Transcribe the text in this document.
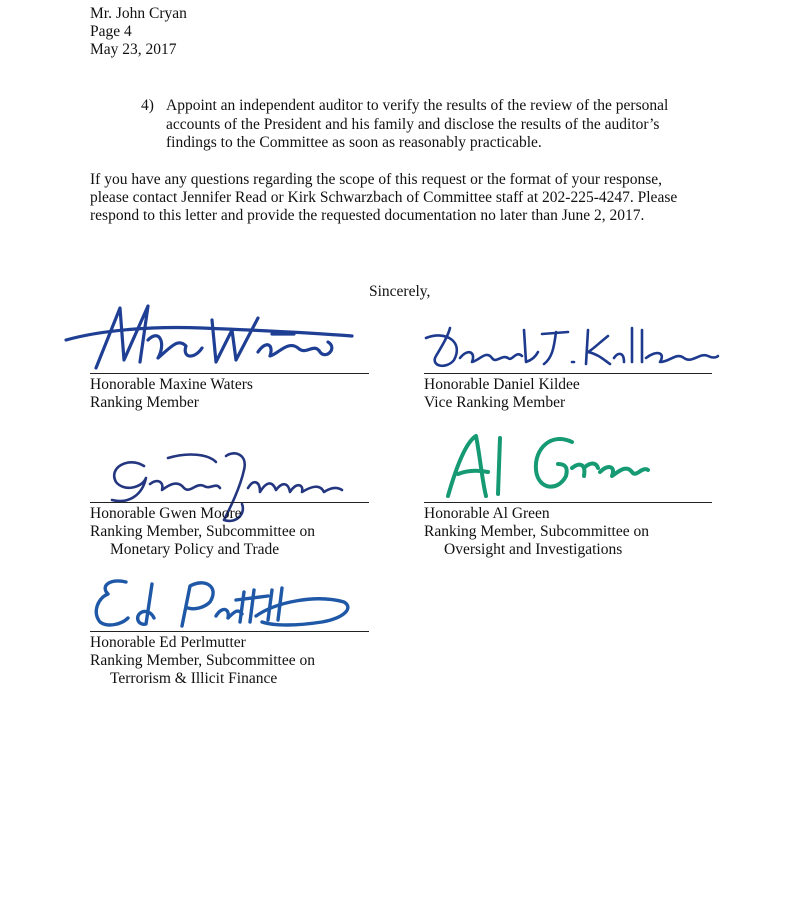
Mr. John Cryan
Page 4
May 23, 2017
4) Appoint an independent auditor to verify the results of the review of the personal
accounts of the President and his family and disclose the results of the auditor’s
findings to the Committee as soon as reasonably practicable.
If you have any questions regarding the scope of this request or the format of your response,
please contact Jennifer Read or Kirk Schwarzbach of Committee staff at 202-225-4247. Please
respond to this letter and provide the requested documentation no later than June 2, 2017.
Sincerely,
Honorable Maxine Waters
Ranking Member
Honorable Daniel Kildee
Vice Ranking Member
Honorable Gwen Moore
Ranking Member, Subcommittee on
Monetary Policy and Trade
Honorable Al Green
Ranking Member, Subcommittee on
Oversight and Investigations
Honorable Ed Perlmutter
Ranking Member, Subcommittee on
Terrorism & Illicit Finance
